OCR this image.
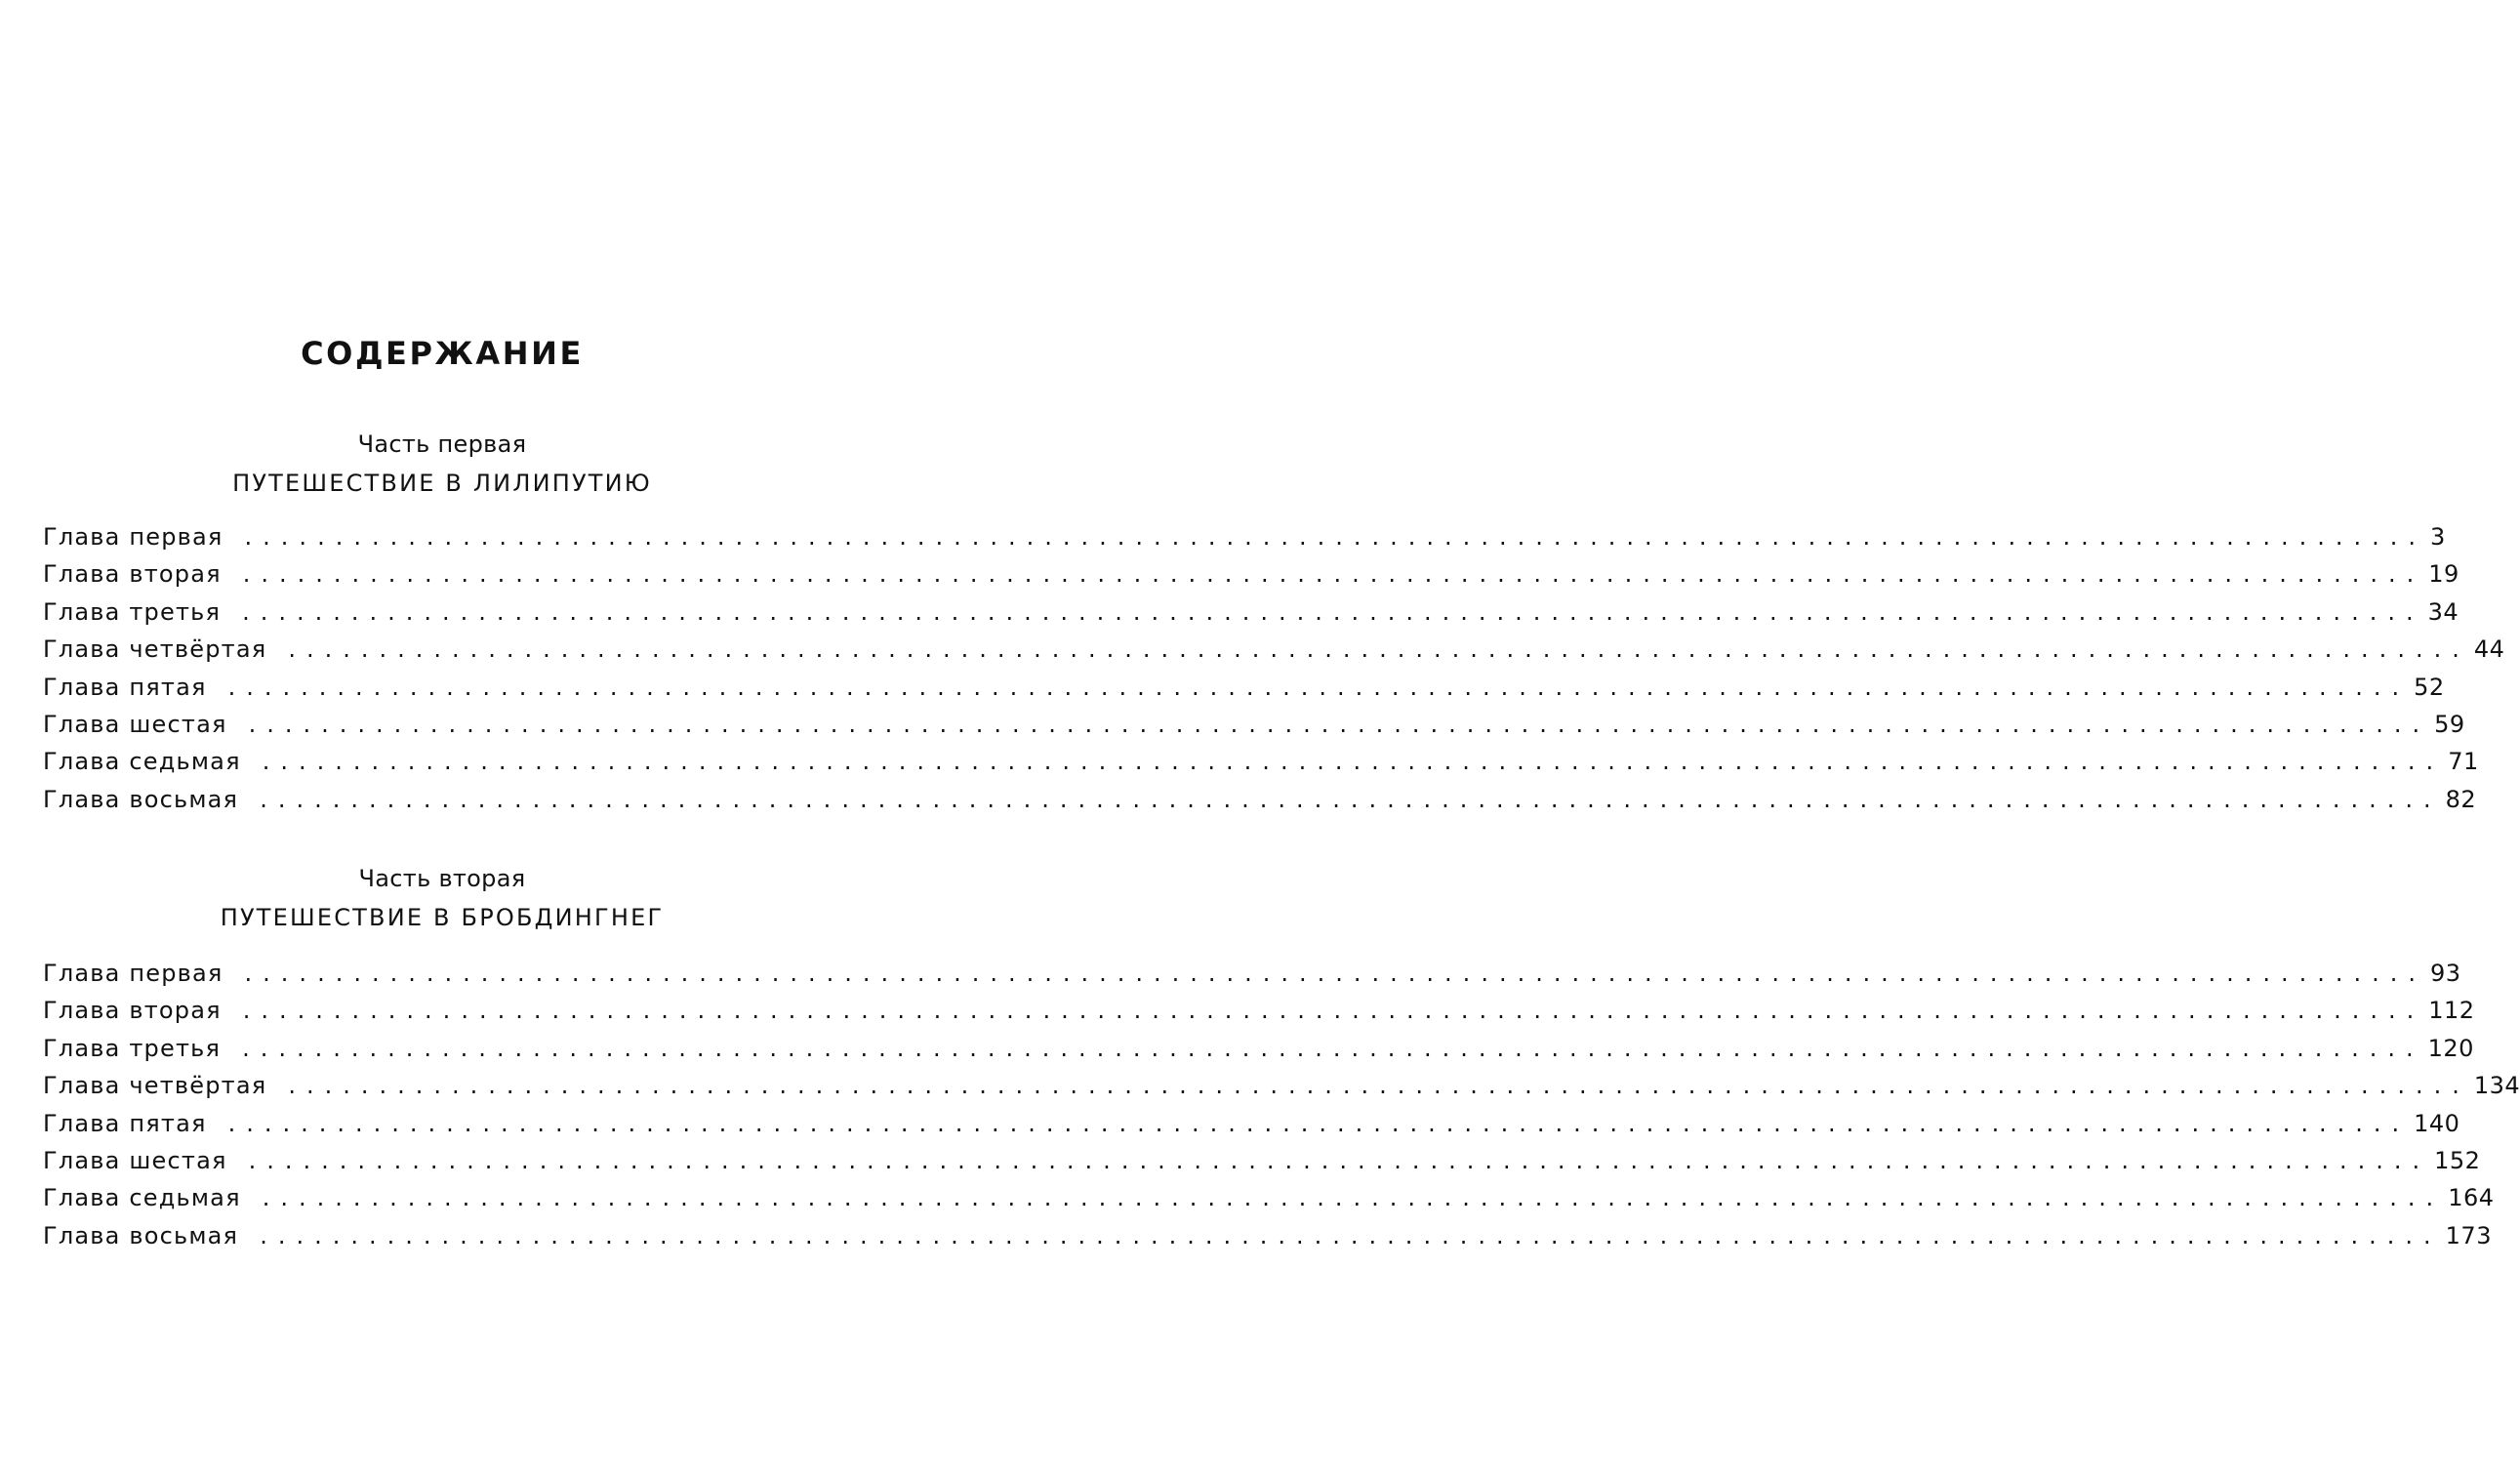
СОДЕРЖАНИЕ
Часть первая
ПУТЕШЕСТВИЕ В ЛИЛИПУТИЮ
Глава первая ........................................................................................................................ 3
Глава вторая ........................................................................................................................ 19
Глава третья ........................................................................................................................ 34
Глава четвёртая ........................................................................................................................ 44
Глава пятая ........................................................................................................................ 52
Глава шестая ........................................................................................................................ 59
Глава седьмая ........................................................................................................................ 71
Глава восьмая ........................................................................................................................ 82
Часть вторая
ПУТЕШЕСТВИЕ В БРОБДИНГНЕГ
Глава первая ........................................................................................................................ 93
Глава вторая ........................................................................................................................ 112
Глава третья ........................................................................................................................ 120
Глава четвёртая ........................................................................................................................ 134
Глава пятая ........................................................................................................................ 140
Глава шестая ........................................................................................................................ 152
Глава седьмая ........................................................................................................................ 164
Глава восьмая ........................................................................................................................ 173
